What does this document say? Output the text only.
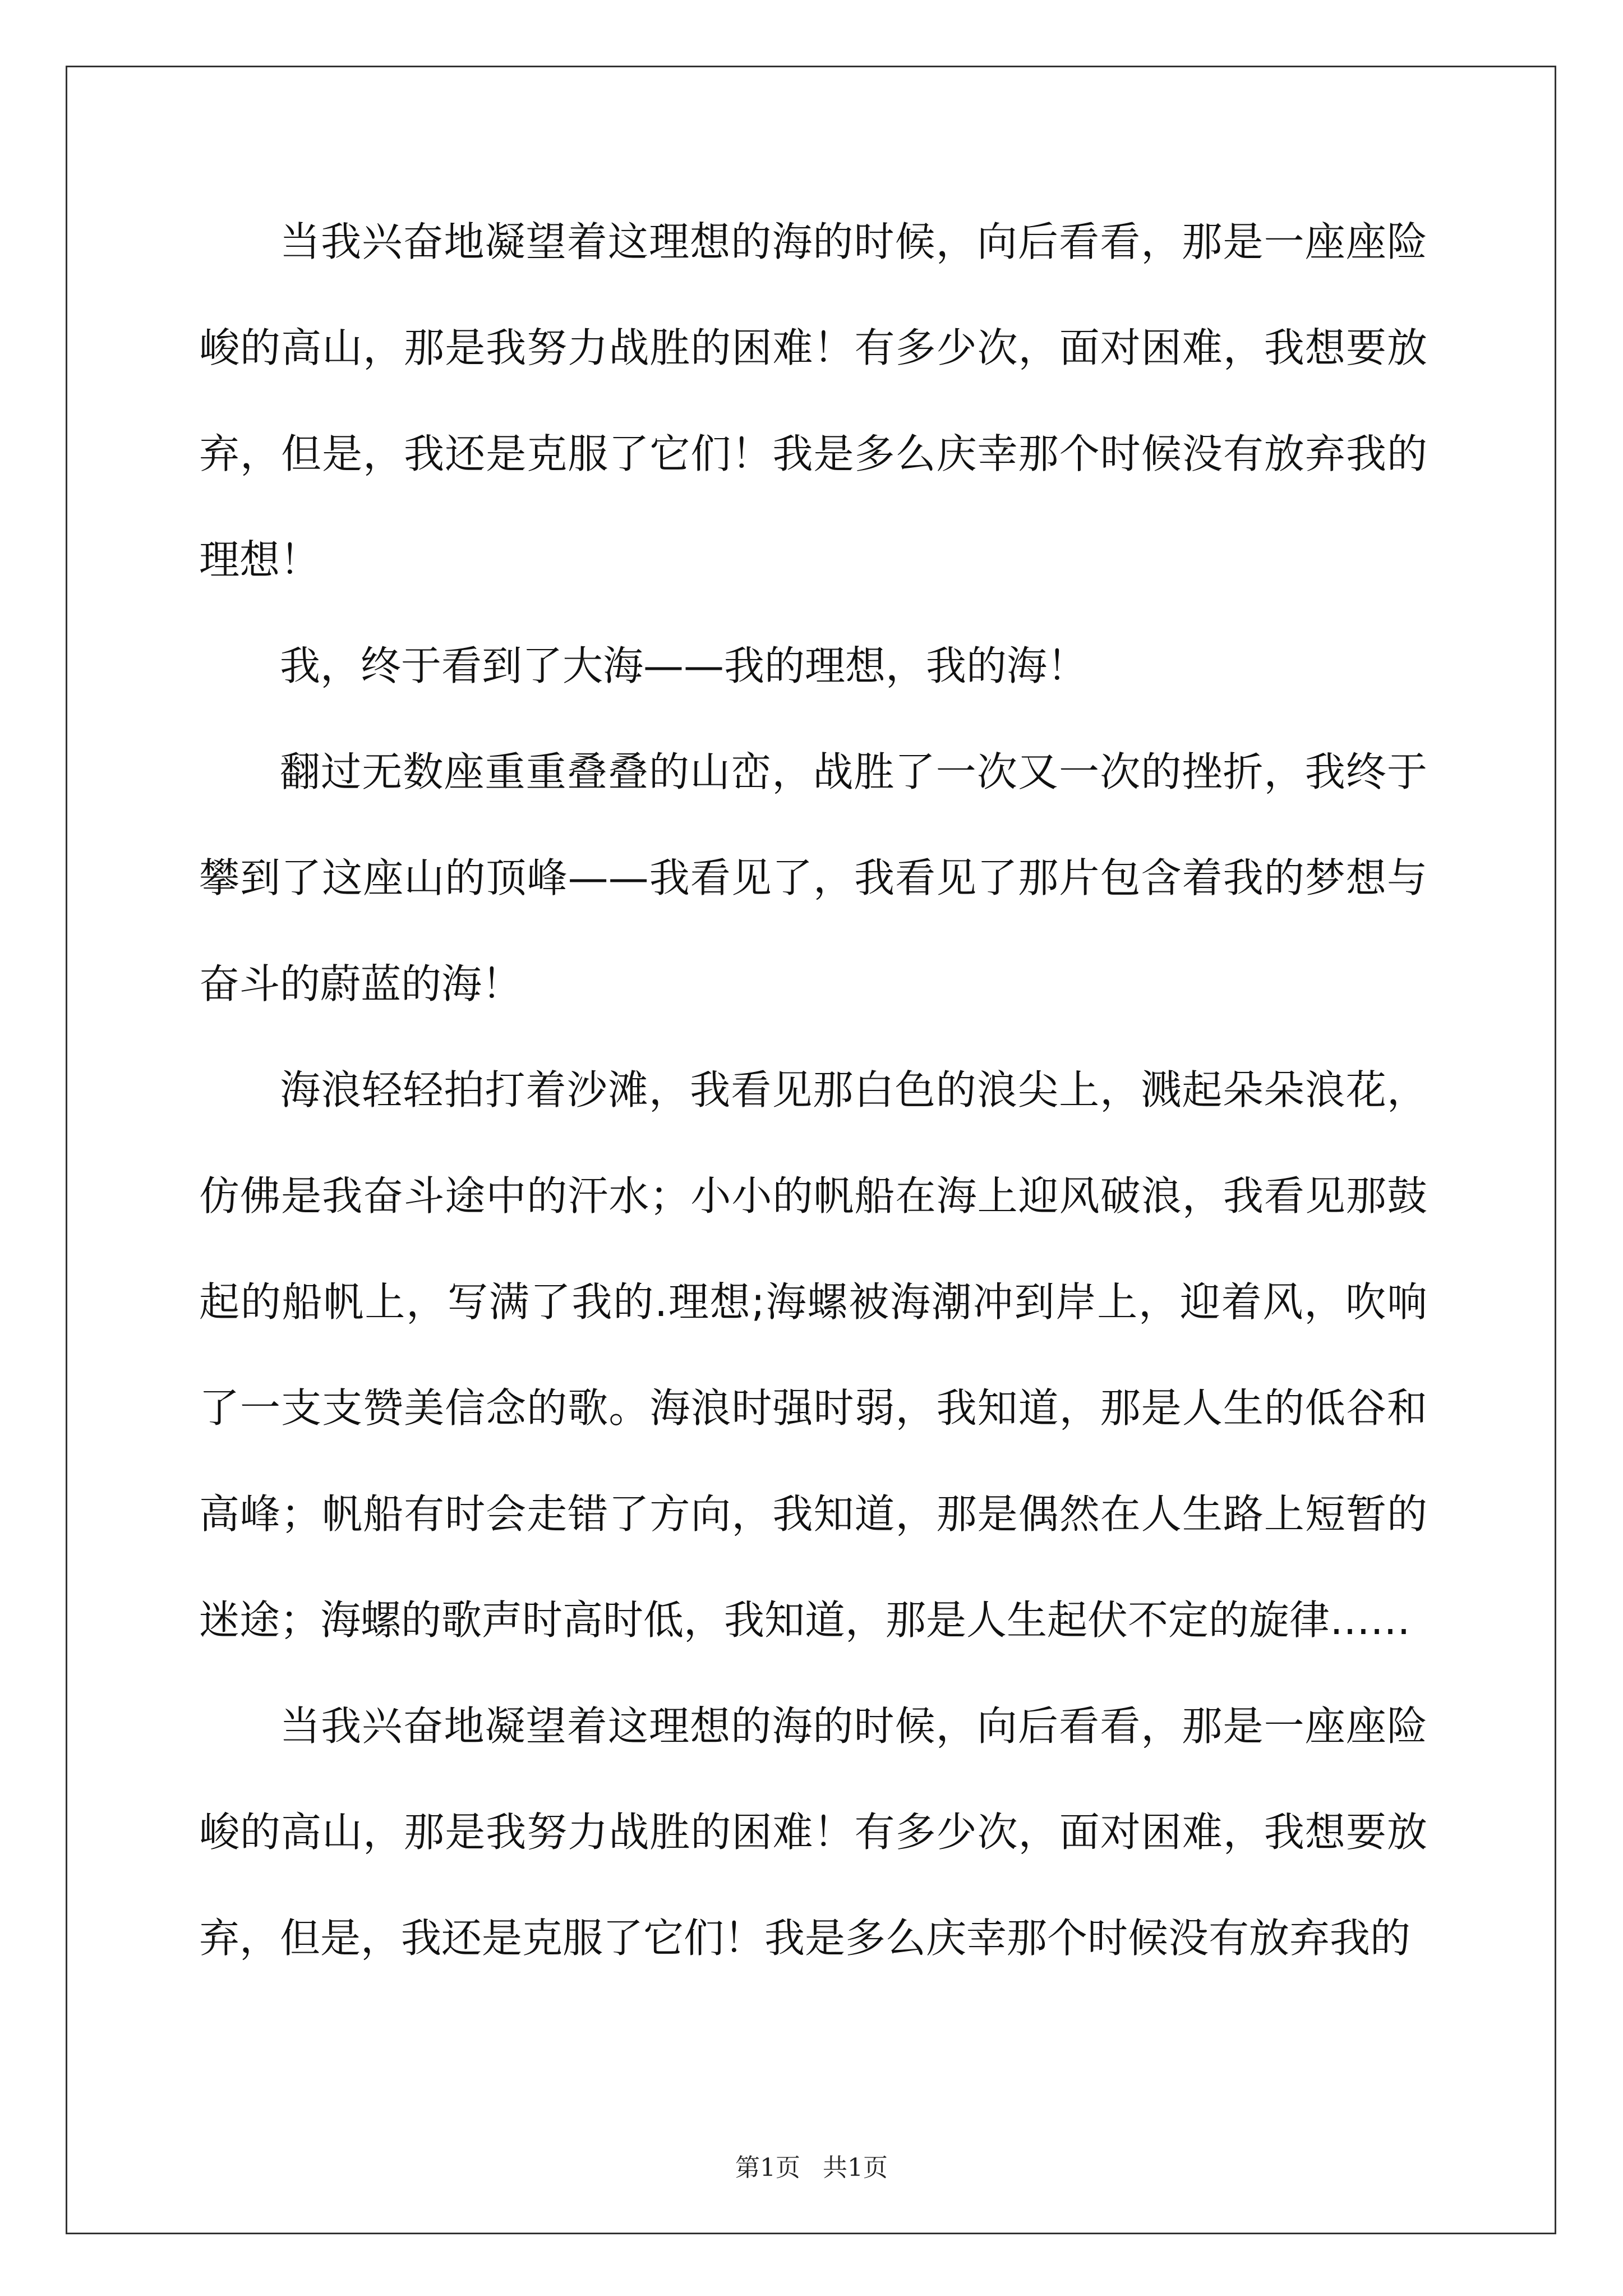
当我兴奋地凝望着这理想的海的时候，向后看看，那是一座座险峻的高山，那是我努力战胜的困难！有多少次，面对困难，我想要放弃，但是，我还是克服了它们！我是多么庆幸那个时候没有放弃我的理想！

我，终于看到了大海——我的理想，我的海！

翻过无数座重重叠叠的山峦，战胜了一次又一次的挫折，我终于攀到了这座山的顶峰——我看见了，我看见了那片包含着我的梦想与奋斗的蔚蓝的海！

海浪轻轻拍打着沙滩，我看见那白色的浪尖上，溅起朵朵浪花，仿佛是我奋斗途中的汗水；小小的帆船在海上迎风破浪，我看见那鼓起的船帆上，写满了我的.理想;海螺被海潮冲到岸上，迎着风，吹响了一支支赞美信念的歌。海浪时强时弱，我知道，那是人生的低谷和高峰；帆船有时会走错了方向，我知道，那是偶然在人生路上短暂的迷途；海螺的歌声时高时低，我知道，那是人生起伏不定的旋律……

当我兴奋地凝望着这理想的海的时候，向后看看，那是一座座险峻的高山，那是我努力战胜的困难！有多少次，面对困难，我想要放弃，但是，我还是克服了它们！我是多么庆幸那个时候没有放弃我的

第1页 共1页
